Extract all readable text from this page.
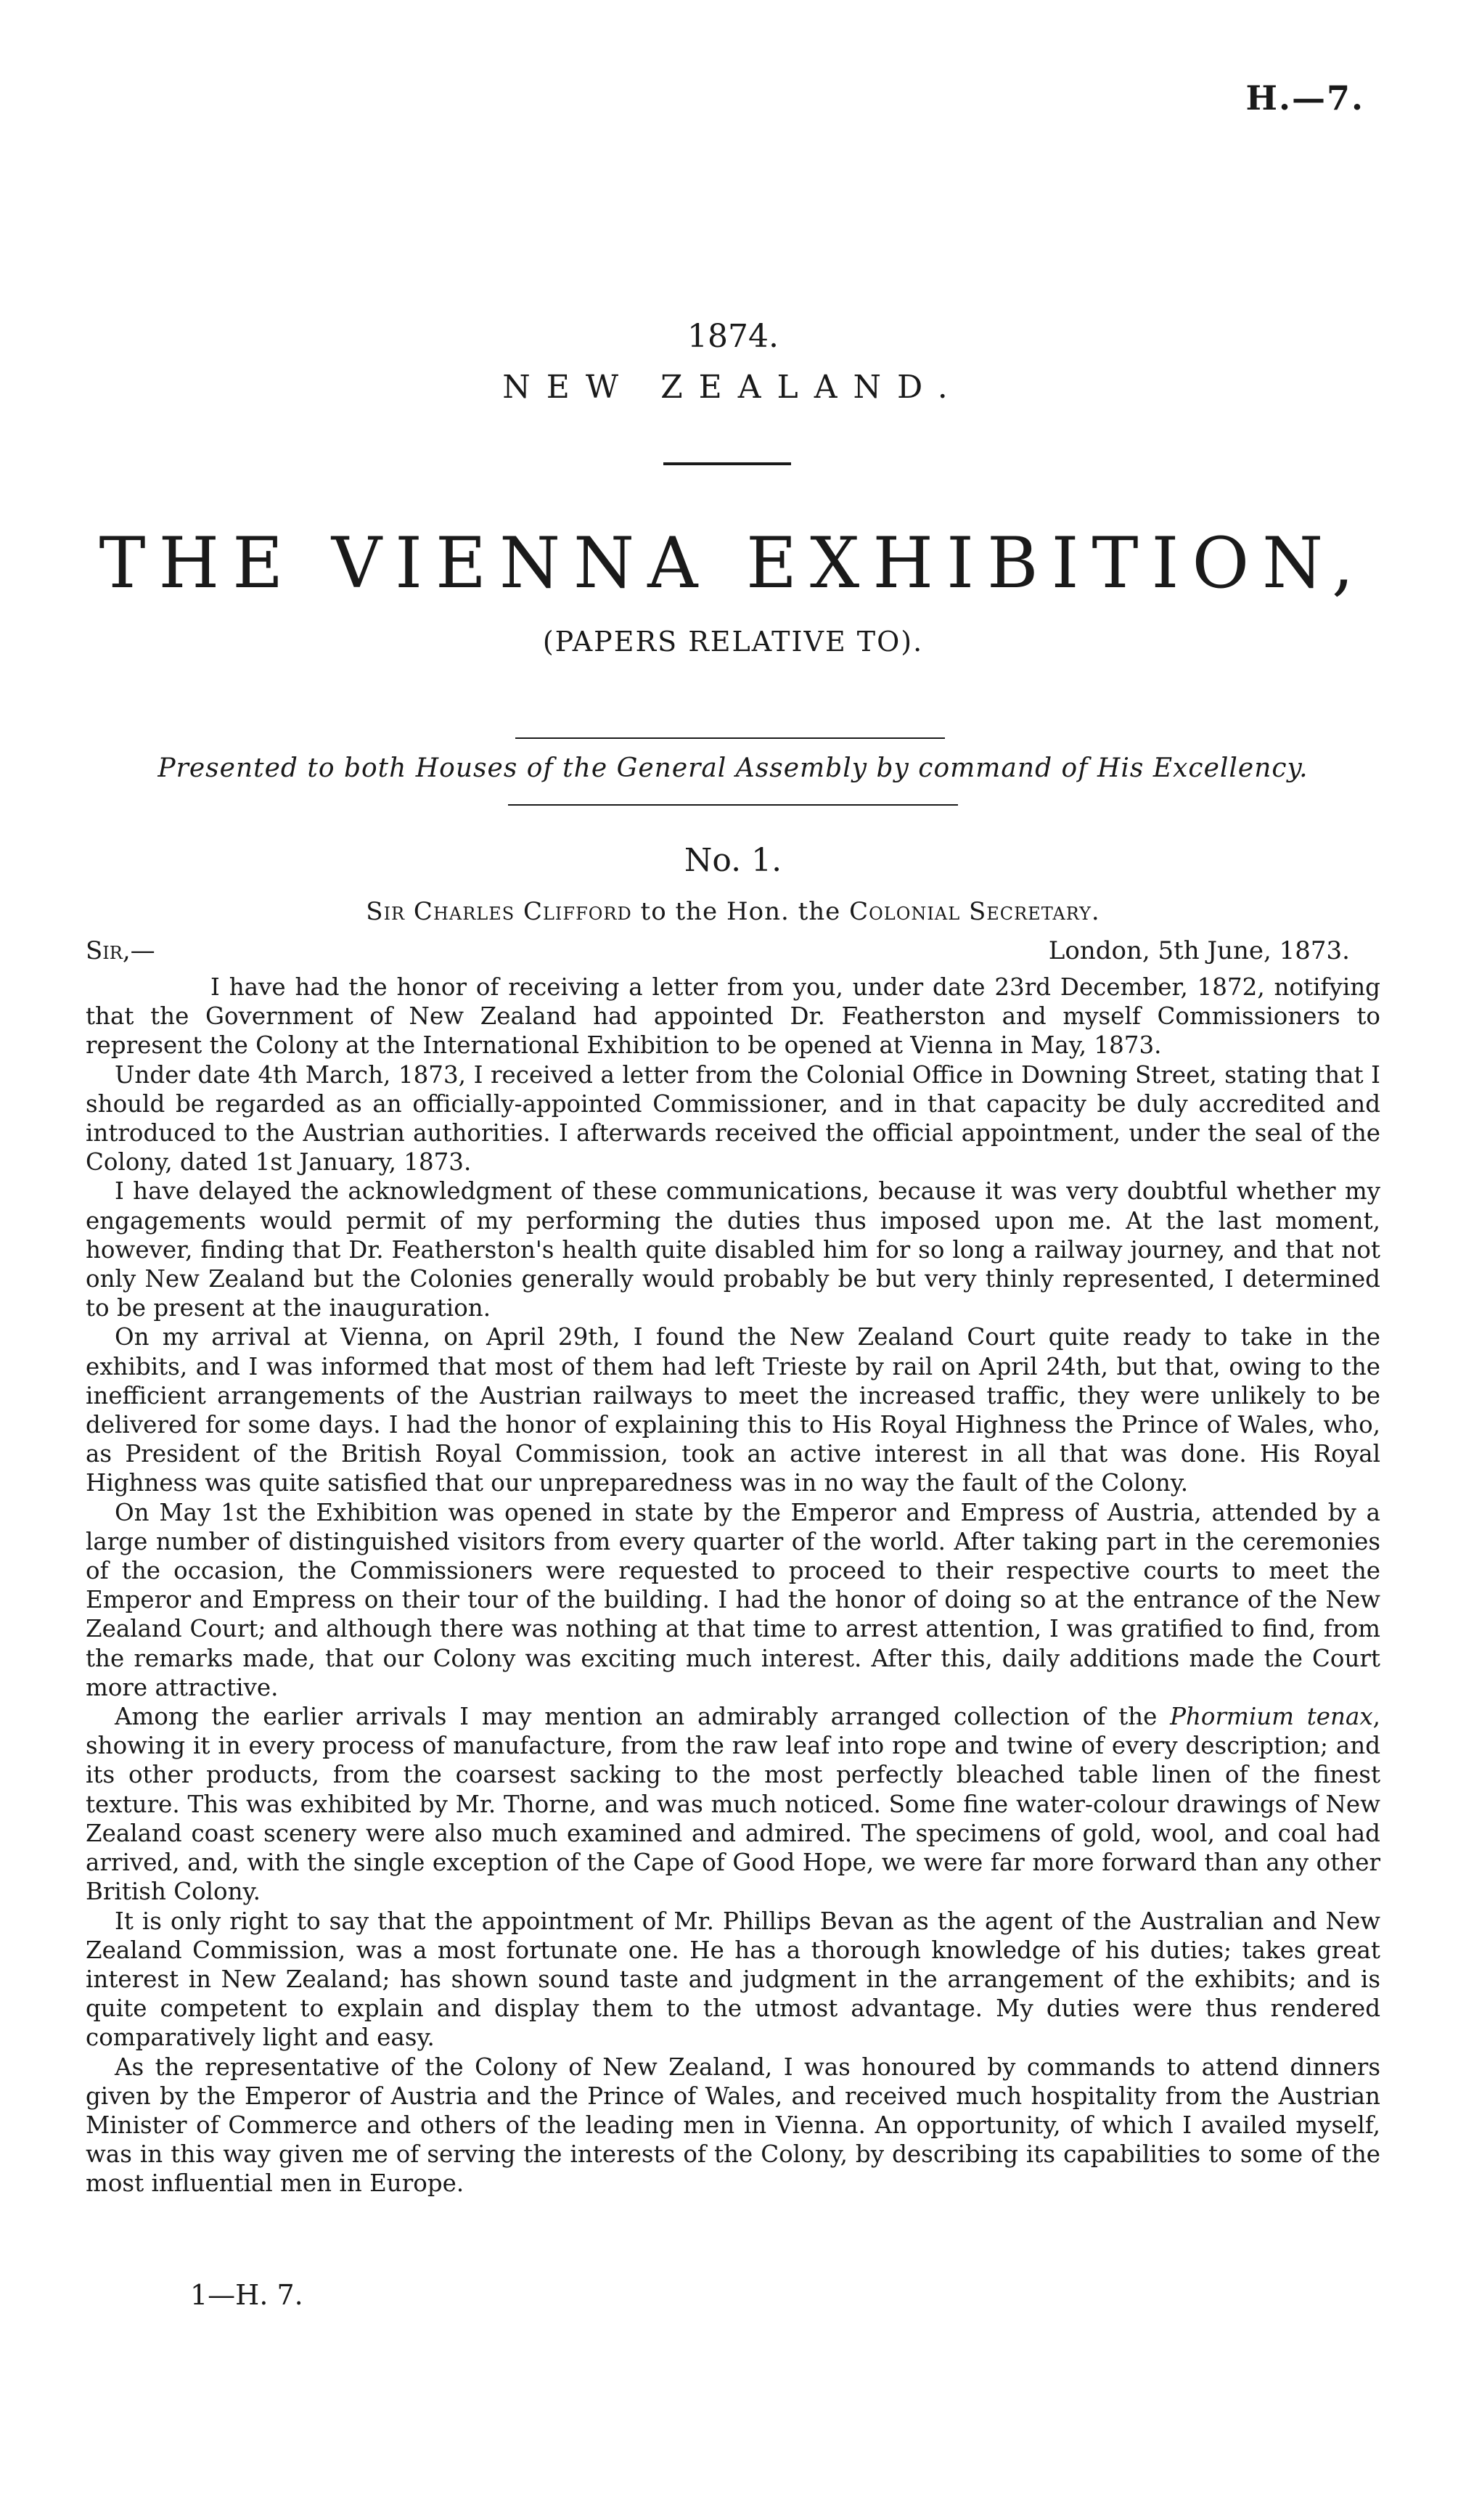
H.—7.
1874.
NEW ZEALAND.
THE VIENNA EXHIBITION,
(PAPERS RELATIVE TO).
Presented to both Houses of the General Assembly by command of His Excellency.
No. 1.
Sir Charles Clifford to the Hon. the Colonial Secretary.
Sir,—	London, 5th June, 1873.

I have had the honor of receiving a letter from you, under date 23rd December, 1872, notifying that the Government of New Zealand had appointed Dr. Featherston and myself Commissioners to represent the Colony at the International Exhibition to be opened at Vienna in May, 1873.

Under date 4th March, 1873, I received a letter from the Colonial Office in Downing Street, stating that I should be regarded as an officially-appointed Commissioner, and in that capacity be duly accredited and introduced to the Austrian authorities. I afterwards received the official appointment, under the seal of the Colony, dated 1st January, 1873.

I have delayed the acknowledgment of these communications, because it was very doubtful whether my engagements would permit of my performing the duties thus imposed upon me. At the last moment, however, finding that Dr. Featherston's health quite disabled him for so long a railway journey, and that not only New Zealand but the Colonies generally would probably be but very thinly represented, I determined to be present at the inauguration.

On my arrival at Vienna, on April 29th, I found the New Zealand Court quite ready to take in the exhibits, and I was informed that most of them had left Trieste by rail on April 24th, but that, owing to the inefficient arrangements of the Austrian railways to meet the increased traffic, they were unlikely to be delivered for some days. I had the honor of explaining this to His Royal Highness the Prince of Wales, who, as President of the British Royal Commission, took an active interest in all that was done. His Royal Highness was quite satisfied that our unpreparedness was in no way the fault of the Colony.

On May 1st the Exhibition was opened in state by the Emperor and Empress of Austria, attended by a large number of distinguished visitors from every quarter of the world. After taking part in the ceremonies of the occasion, the Commissioners were requested to proceed to their respective courts to meet the Emperor and Empress on their tour of the building. I had the honor of doing so at the entrance of the New Zealand Court; and although there was nothing at that time to arrest attention, I was gratified to find, from the remarks made, that our Colony was exciting much interest. After this, daily additions made the Court more attractive.

Among the earlier arrivals I may mention an admirably arranged collection of the Phormium tenax, showing it in every process of manufacture, from the raw leaf into rope and twine of every description; and its other products, from the coarsest sacking to the most perfectly bleached table linen of the finest texture. This was exhibited by Mr. Thorne, and was much noticed. Some fine water-colour drawings of New Zealand coast scenery were also much examined and admired. The specimens of gold, wool, and coal had arrived, and, with the single exception of the Cape of Good Hope, we were far more forward than any other British Colony.

It is only right to say that the appointment of Mr. Phillips Bevan as the agent of the Australian and New Zealand Commission, was a most fortunate one. He has a thorough knowledge of his duties; takes great interest in New Zealand; has shown sound taste and judgment in the arrangement of the exhibits; and is quite competent to explain and display them to the utmost advantage. My duties were thus rendered comparatively light and easy.

As the representative of the Colony of New Zealand, I was honoured by commands to attend dinners given by the Emperor of Austria and the Prince of Wales, and received much hospitality from the Austrian Minister of Commerce and others of the leading men in Vienna. An opportunity, of which I availed myself, was in this way given me of serving the interests of the Colony, by describing its capabilities to some of the most influential men in Europe.

1—H. 7.
